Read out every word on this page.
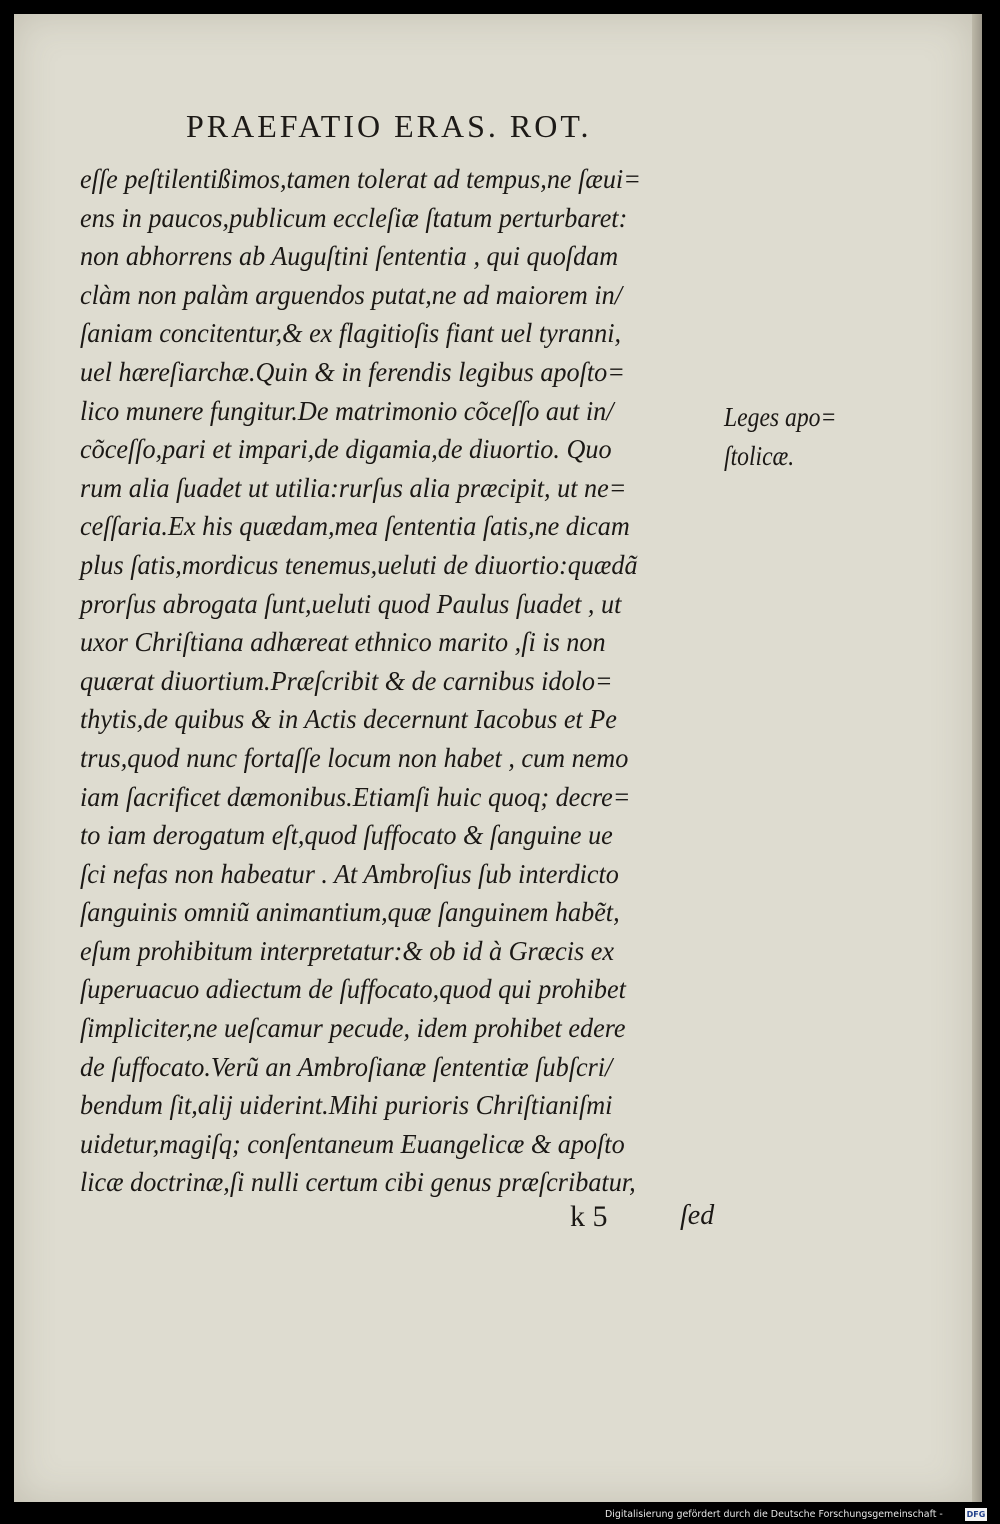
PRAEFATIO ERAS. ROT.
eſſe peſtilentißimos,tamen tolerat ad tempus,ne ſæui=
ens in paucos,publicum eccleſiæ ſtatum perturbaret:
non abhorrens ab Auguſtini ſententia , qui quoſdam
clàm non palàm arguendos putat,ne ad maiorem in/
ſaniam concitentur,& ex flagitioſis fiant uel tyranni,
uel hæreſiarchæ.Quin & in ferendis legibus apoſto=
lico munere fungitur.De matrimonio cõceſſo aut in/
cõceſſo,pari et impari,de digamia,de diuortio. Quo
rum alia ſuadet ut utilia:rurſus alia præcipit, ut ne=
ceſſaria.Ex his quædam,mea ſententia ſatis,ne dicam
plus ſatis,mordicus tenemus,ueluti de diuortio:quædã
prorſus abrogata ſunt,ueluti quod Paulus ſuadet , ut
uxor Chriſtiana adhæreat ethnico marito ,ſi is non
quærat diuortium.Præſcribit & de carnibus idolo=
thytis,de quibus & in Actis decernunt Iacobus et Pe
trus,quod nunc fortaſſe locum non habet , cum nemo
iam ſacrificet dæmonibus.Etiamſi huic quoq; decre=
to iam derogatum eſt,quod ſuffocato & ſanguine ue
ſci nefas non habeatur . At Ambroſius ſub interdicto
ſanguinis omniũ animantium,quæ ſanguinem habẽt,
eſum prohibitum interpretatur:& ob id à Græcis ex
ſuperuacuo adiectum de ſuffocato,quod qui prohibet
ſimpliciter,ne ueſcamur pecude, idem prohibet edere
de ſuffocato.Verũ an Ambroſianæ ſententiæ ſubſcri/
bendum ſit,alij uiderint.Mihi purioris Chriſtianiſmi
uidetur,magiſq; conſentaneum Euangelicæ & apoſto
licæ doctrinæ,ſi nulli certum cibi genus præſcribatur,
Leges apo=
ſtolicæ.
k 5	ſed
Digitalisierung gefördert durch die Deutsche Forschungsgemeinschaft -	DFG
